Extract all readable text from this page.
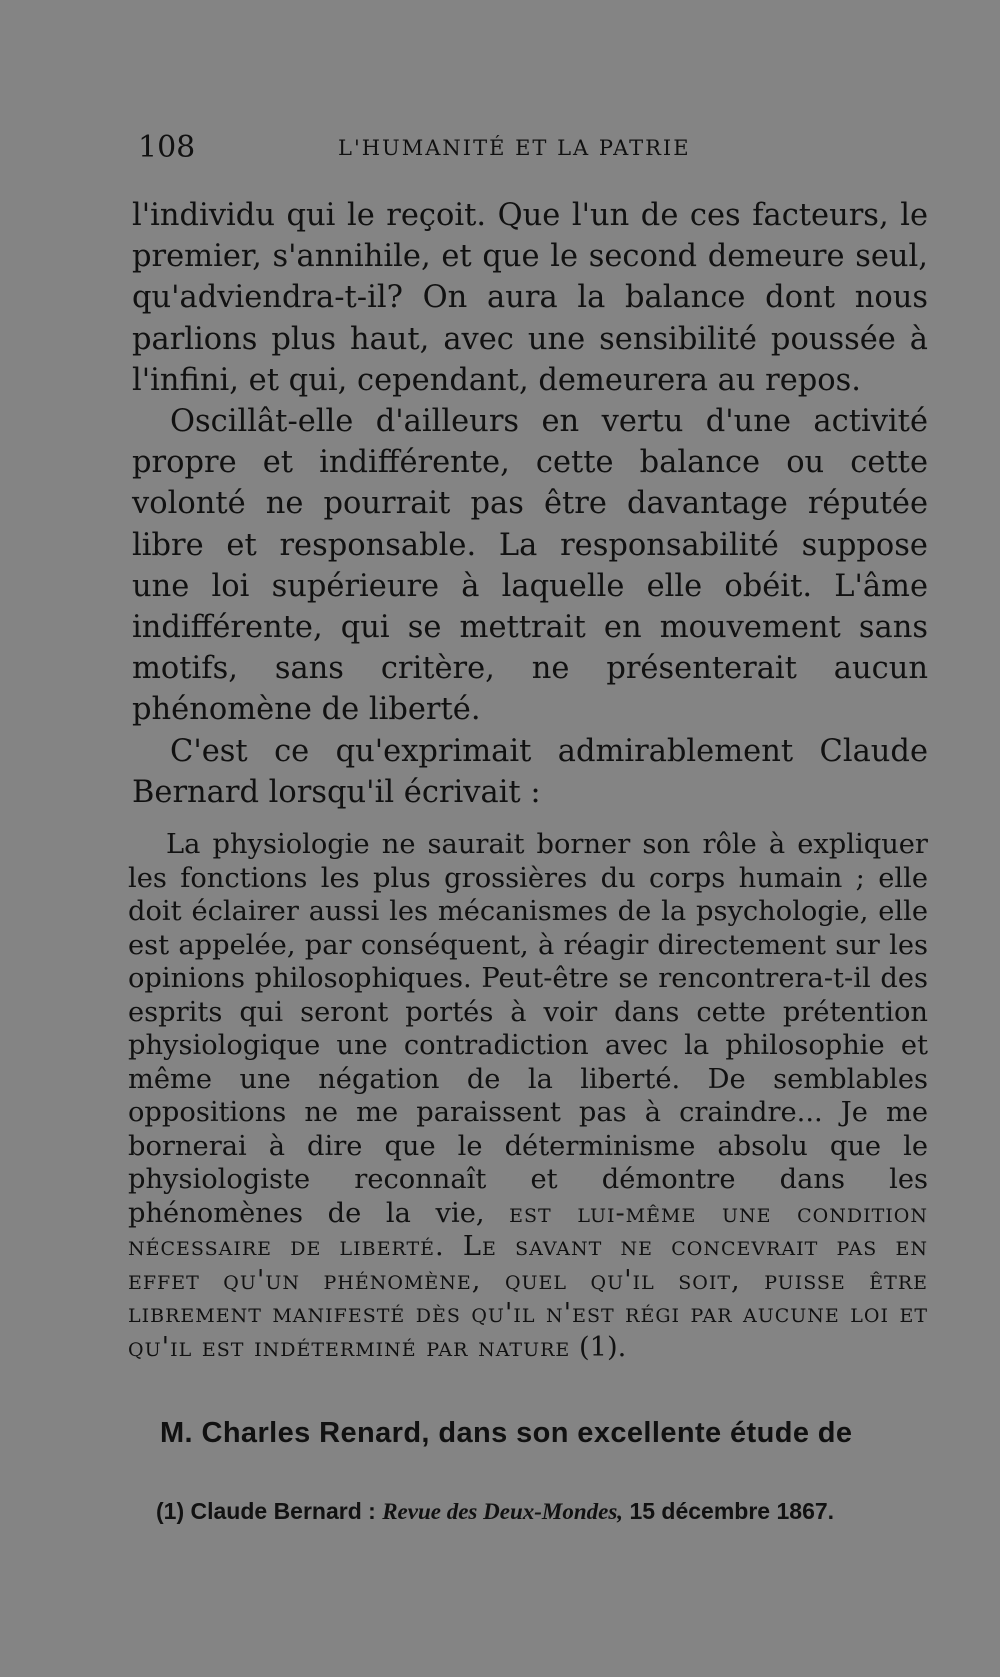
108	L'HUMANITÉ ET LA PATRIE

l'individu qui le reçoit. Que l'un de ces facteurs, le premier, s'annihile, et que le second demeure seul, qu'adviendra-t-il? On aura la balance dont nous parlions plus haut, avec une sensibilité poussée à l'infini, et qui, cependant, demeurera au repos.

Oscillât-elle d'ailleurs en vertu d'une activité propre et indifférente, cette balance ou cette volonté ne pourrait pas être davantage réputée libre et responsable. La responsabilité suppose une loi supérieure à laquelle elle obéit. L'âme indifférente, qui se mettrait en mouvement sans motifs, sans critère, ne présenterait aucun phénomène de liberté.

C'est ce qu'exprimait admirablement Claude Bernard lorsqu'il écrivait :

La physiologie ne saurait borner son rôle à expliquer les fonctions les plus grossières du corps humain ; elle doit éclairer aussi les mécanismes de la psychologie, elle est appelée, par conséquent, à réagir directement sur les opinions philosophiques. Peut-être se rencontrera-t-il des esprits qui seront portés à voir dans cette prétention physiologique une contradiction avec la philosophie et même une négation de la liberté. De semblables oppositions ne me paraissent pas à craindre... Je me bornerai à dire que le déterminisme absolu que le physiologiste reconnaît et démontre dans les phénomènes de la vie, est lui-même une condition nécessaire de liberté. Le savant ne concevrait pas en effet qu'un phénomène, quel qu'il soit, puisse être librement manifesté dès qu'il n'est régi par aucune loi et qu'il est indéterminé par nature (1).

M. Charles Renard, dans son excellente étude de

(1) Claude Bernard : Revue des Deux-Mondes, 15 décembre 1867.
